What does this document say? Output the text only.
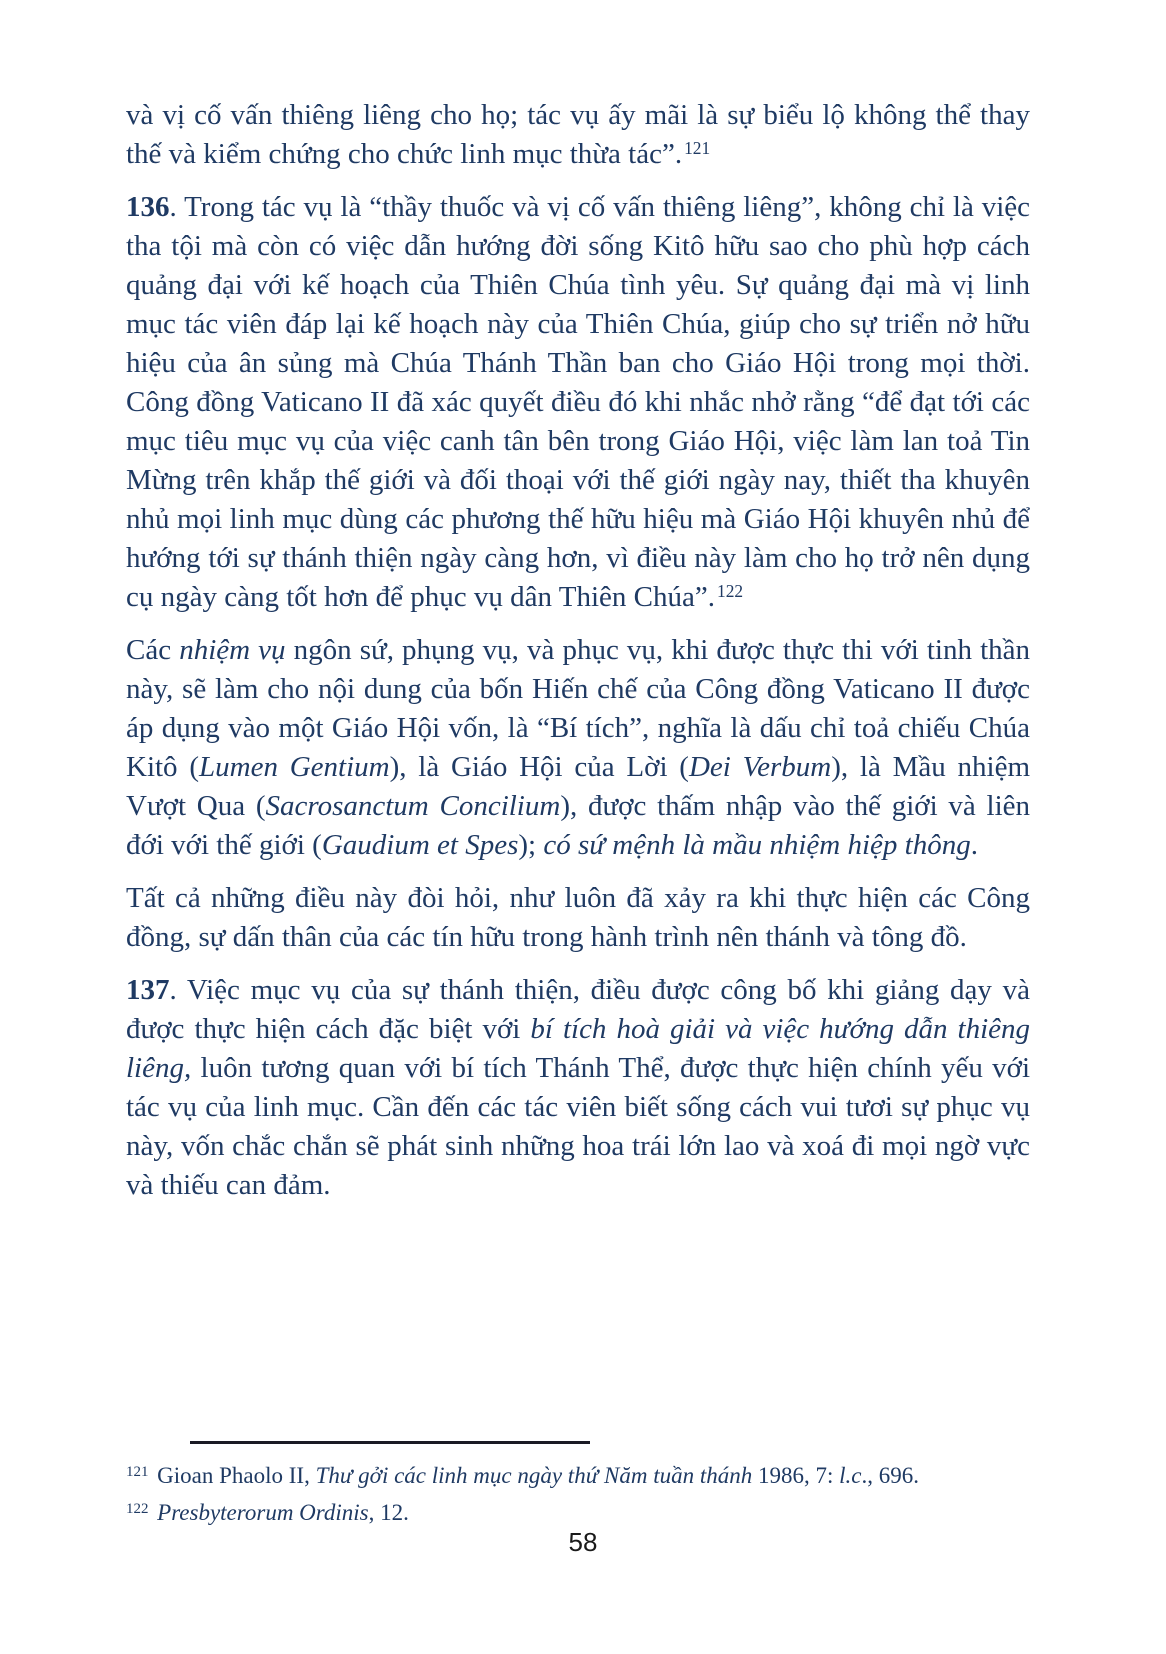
và vị cố vấn thiêng liêng cho họ; tác vụ ấy mãi là sự biểu lộ không thể thay thế và kiểm chứng cho chức linh mục thừa tác”. $^{121}$

136. Trong tác vụ là “thầy thuốc và vị cố vấn thiêng liêng”, không chỉ là việc tha tội mà còn có việc dẫn hướng đời sống Kitô hữu sao cho phù hợp cách quảng đại với kế hoạch của Thiên Chúa tình yêu. Sự quảng đại mà vị linh mục tác viên đáp lại kế hoạch này của Thiên Chúa, giúp cho sự triển nở hữu hiệu của ân sủng mà Chúa Thánh Thần ban cho Giáo Hội trong mọi thời. Công đồng Vaticano II đã xác quyết điều đó khi nhắc nhở rằng “để đạt tới các mục tiêu mục vụ của việc canh tân bên trong Giáo Hội, việc làm lan toả Tin Mừng trên khắp thế giới và đối thoại với thế giới ngày nay, thiết tha khuyên nhủ mọi linh mục dùng các phương thế hữu hiệu mà Giáo Hội khuyên nhủ để hướng tới sự thánh thiện ngày càng hơn, vì điều này làm cho họ trở nên dụng cụ ngày càng tốt hơn để phục vụ dân Thiên Chúa”. $^{122}$

Các nhiệm vụ ngôn sứ, phụng vụ, và phục vụ, khi được thực thi với tinh thần này, sẽ làm cho nội dung của bốn Hiến chế của Công đồng Vaticano II được áp dụng vào một Giáo Hội vốn, là “Bí tích”, nghĩa là dấu chỉ toả chiếu Chúa Kitô (Lumen Gentium), là Giáo Hội của Lời (Dei Verbum), là Mầu nhiệm Vượt Qua (Sacrosanctum Concilium), được thấm nhập vào thế giới và liên đới với thế giới (Gaudium et Spes); có sứ mệnh là mầu nhiệm hiệp thông.

Tất cả những điều này đòi hỏi, như luôn đã xảy ra khi thực hiện các Công đồng, sự dấn thân của các tín hữu trong hành trình nên thánh và tông đồ.

137. Việc mục vụ của sự thánh thiện, điều được công bố khi giảng dạy và được thực hiện cách đặc biệt với bí tích hoà giải và việc hướng dẫn thiêng liêng, luôn tương quan với bí tích Thánh Thể, được thực hiện chính yếu với tác vụ của linh mục. Cần đến các tác viên biết sống cách vui tươi sự phục vụ này, vốn chắc chắn sẽ phát sinh những hoa trái lớn lao và xoá đi mọi ngờ vực và thiếu can đảm.

$^{121}$ Gioan Phaolo II, Thư gởi các linh mục ngày thứ Năm tuần thánh 1986, 7: l.c., 696.

$^{122}$ Presbyterorum Ordinis, 12.

58
